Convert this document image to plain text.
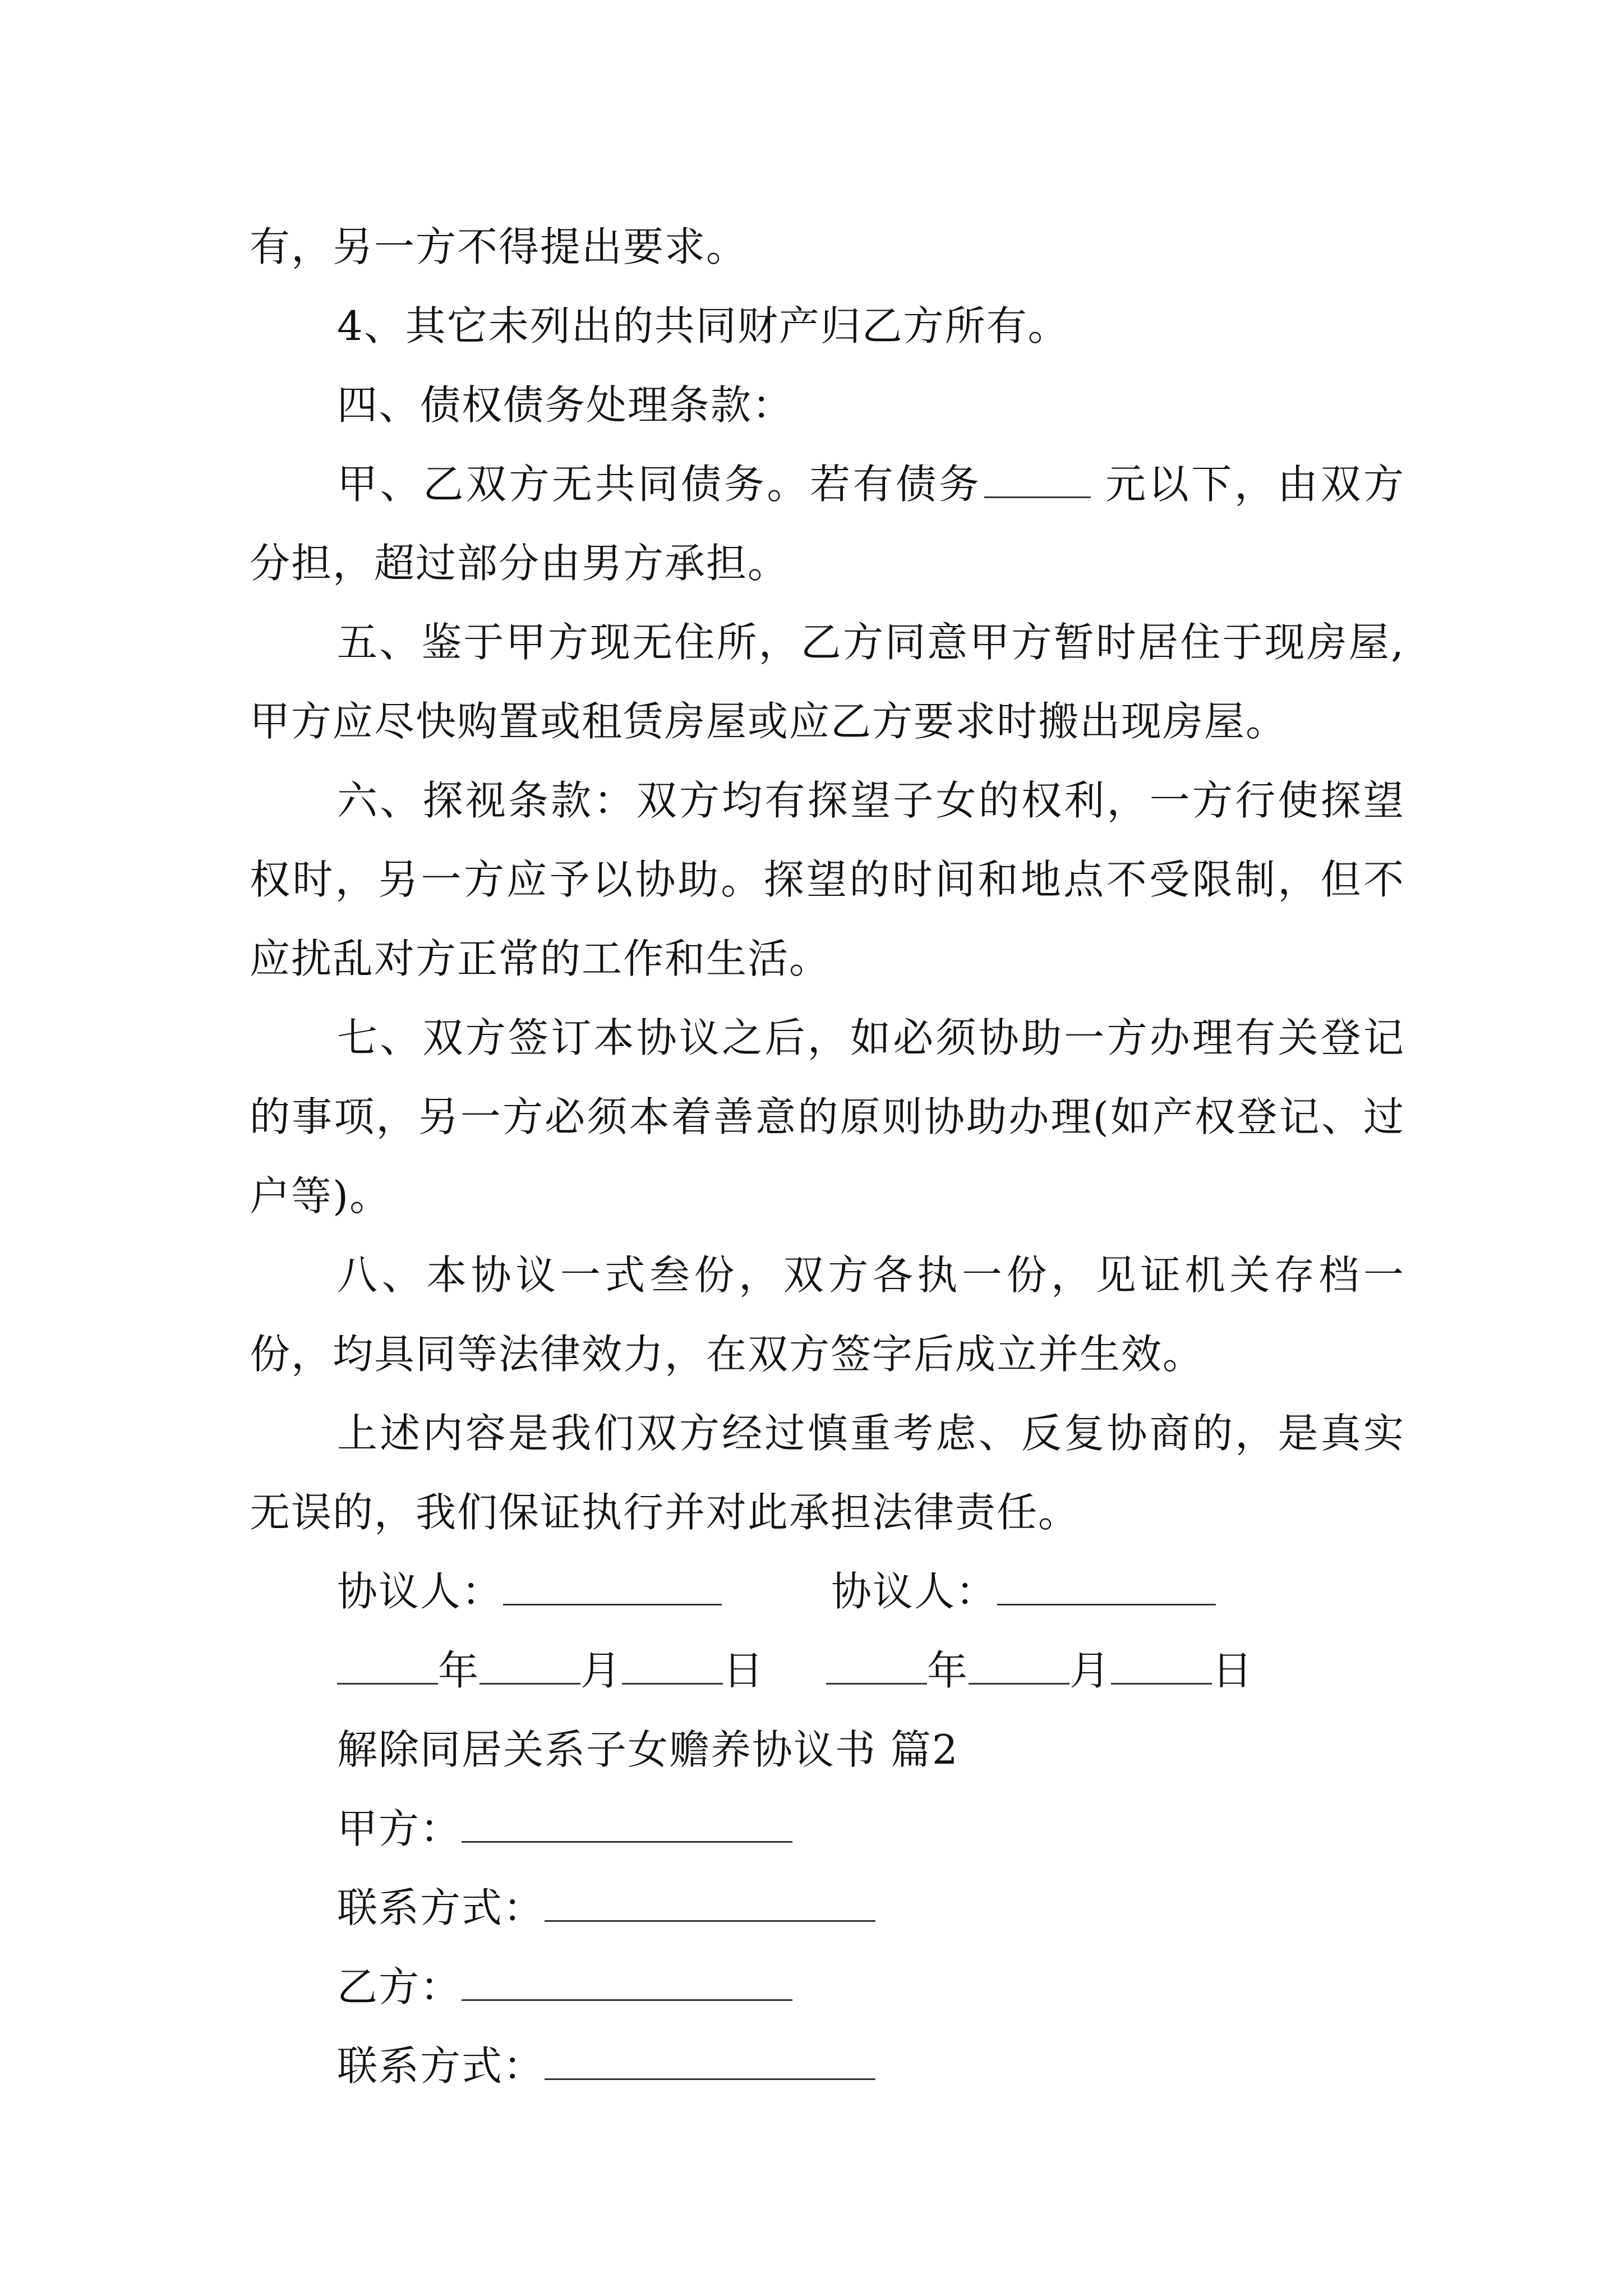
有，另一方不得提出要求。

4、其它未列出的共同财产归乙方所有。

四、债权债务处理条款：

甲、乙双方无共同债务。若有债务	元以下，由双方分担，超过部分由男方承担。

五、鉴于甲方现无住所，乙方同意甲方暂时居住于现房屋,甲方应尽快购置或租赁房屋或应乙方要求时搬出现房屋。

六、探视条款：双方均有探望子女的权利，一方行使探望权时，另一方应予以协助。探望的时间和地点不受限制，但不应扰乱对方正常的工作和生活。

七、双方签订本协议之后，如必须协助一方办理有关登记的事项，另一方必须本着善意的原则协助办理(如产权登记、过户等)。

八、本协议一式叁份，双方各执一份，见证机关存档一份，均具同等法律效力，在双方签字后成立并生效。

上述内容是我们双方经过慎重考虑、反复协商的，是真实无误的，我们保证执行并对此承担法律责任。

协议人：	协议人：

年	月	日	年	月	日

解除同居关系子女赡养协议书 篇2

甲方：

联系方式：

乙方：

联系方式：
